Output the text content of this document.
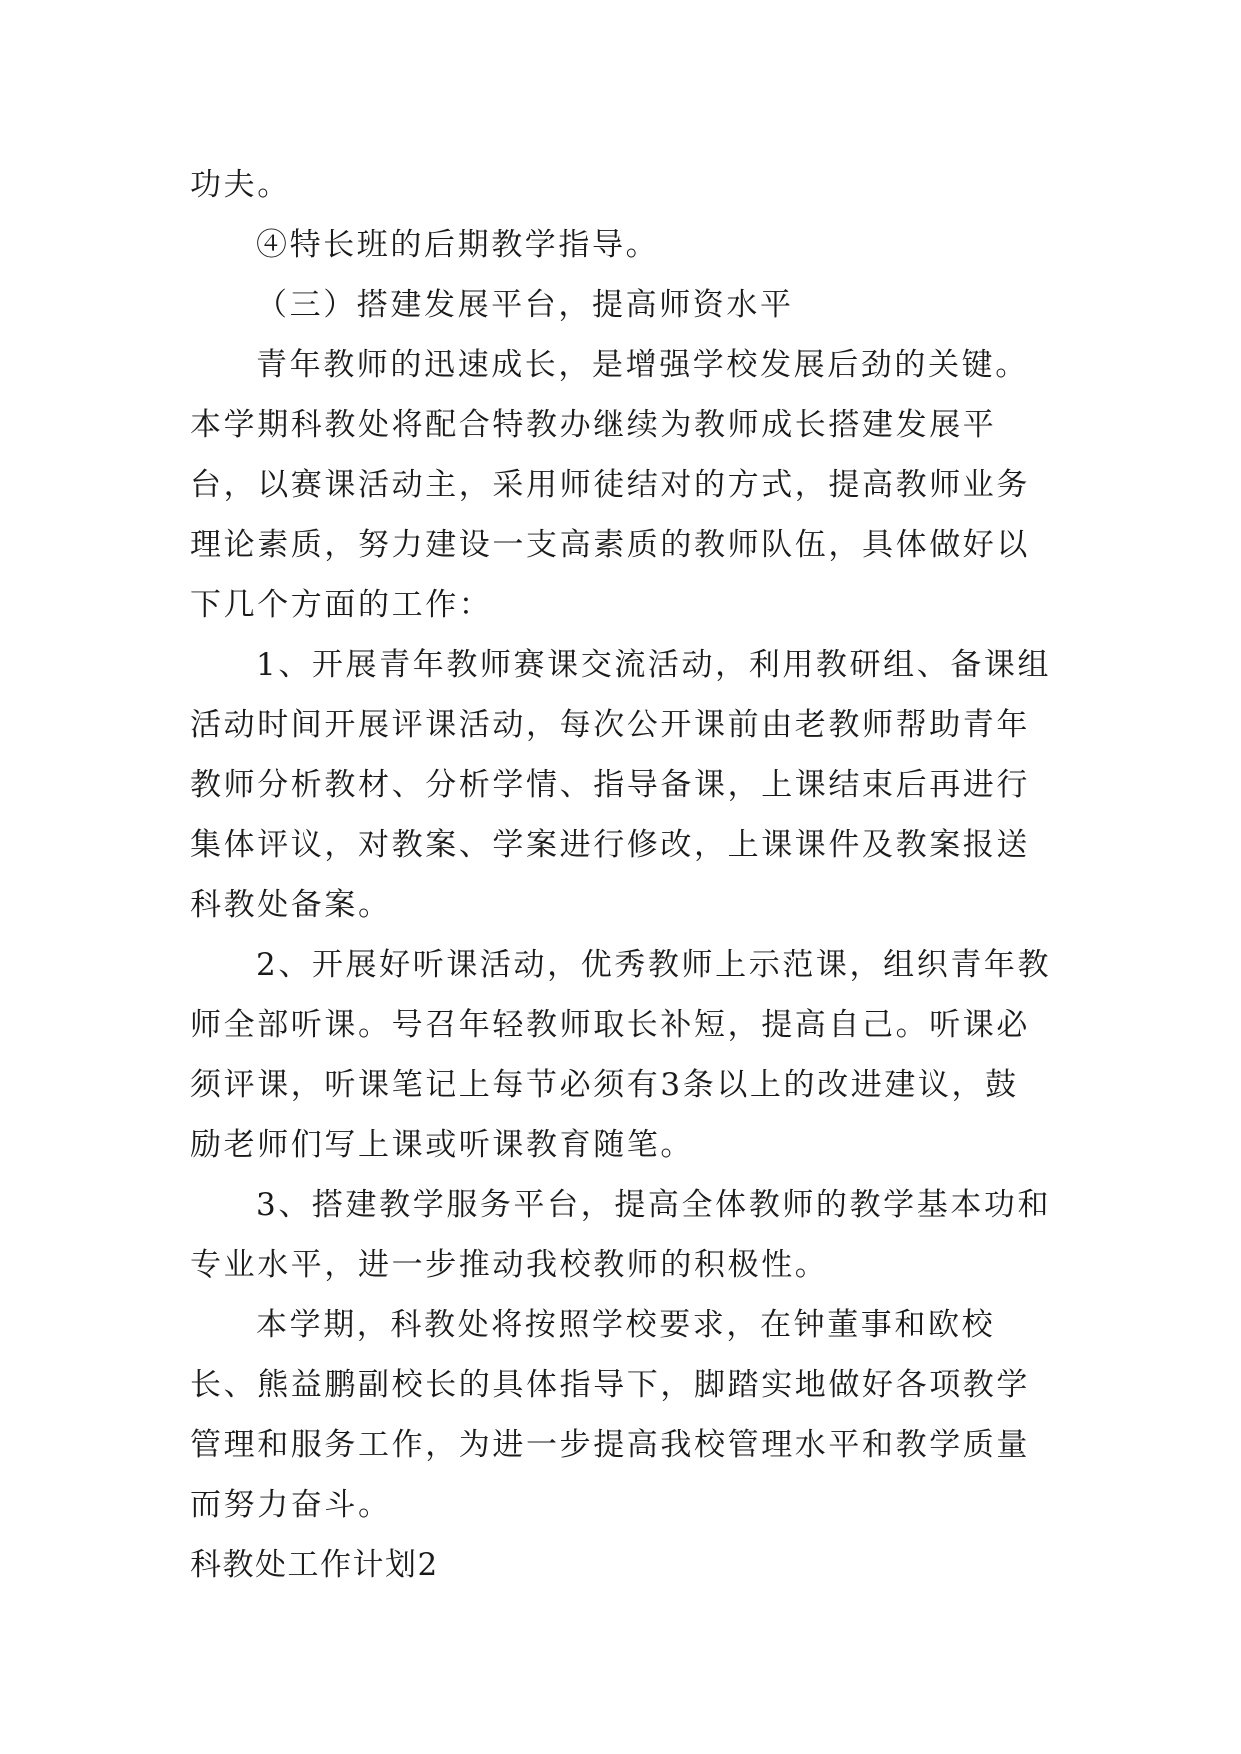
功夫。

④特长班的后期教学指导。

（三）搭建发展平台，提高师资水平

青年教师的迅速成长，是增强学校发展后劲的关键。本学期科教处将配合特教办继续为教师成长搭建发展平台，以赛课活动主，采用师徒结对的方式，提高教师业务理论素质，努力建设一支高素质的教师队伍，具体做好以下几个方面的工作：

1、开展青年教师赛课交流活动，利用教研组、备课组活动时间开展评课活动，每次公开课前由老教师帮助青年教师分析教材、分析学情、指导备课，上课结束后再进行集体评议，对教案、学案进行修改，上课课件及教案报送科教处备案。

2、开展好听课活动，优秀教师上示范课，组织青年教师全部听课。号召年轻教师取长补短，提高自己。听课必须评课，听课笔记上每节必须有3条以上的改进建议，鼓励老师们写上课或听课教育随笔。

3、搭建教学服务平台，提高全体教师的教学基本功和专业水平，进一步推动我校教师的积极性。

本学期，科教处将按照学校要求，在钟董事和欧校长、熊益鹏副校长的具体指导下，脚踏实地做好各项教学管理和服务工作，为进一步提高我校管理水平和教学质量而努力奋斗。

科教处工作计划2
